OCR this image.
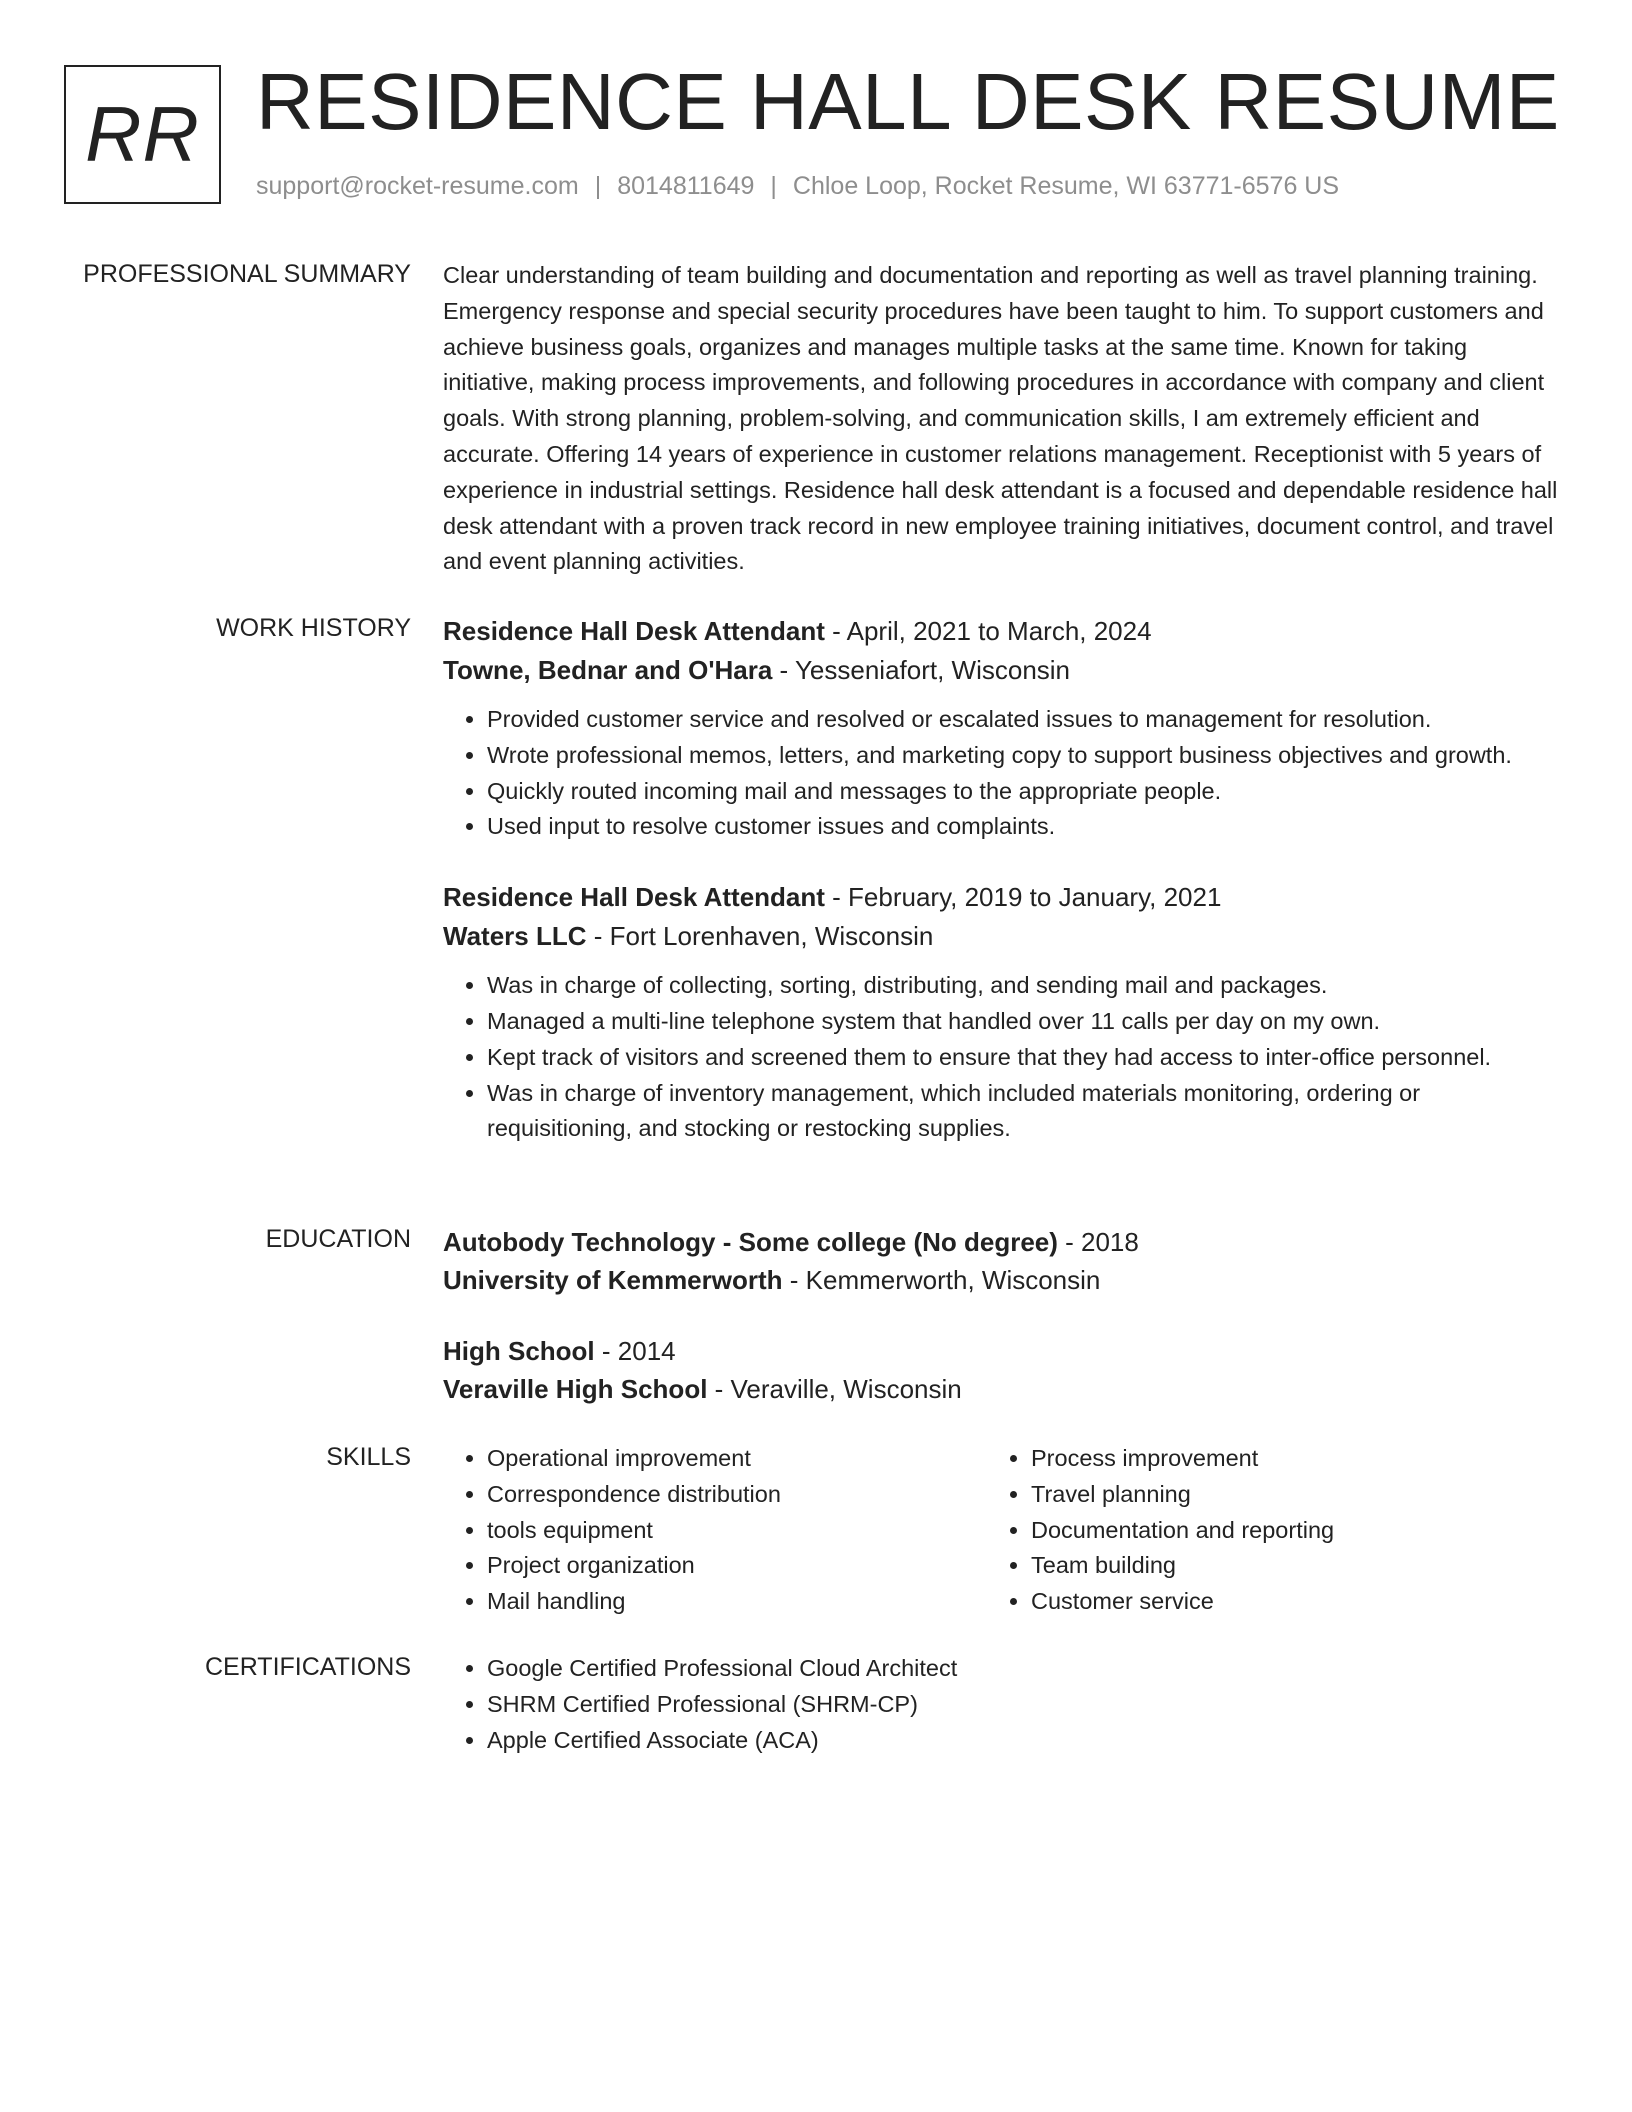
RR RESIDENCE HALL DESK RESUME
support@rocket-resume.com | 8014811649 | Chloe Loop, Rocket Resume, WI 63771-6576 US
PROFESSIONAL SUMMARY Clear understanding of team building and documentation and reporting as well as travel planning training. Emergency response and special security procedures have been taught to him. To support customers and achieve business goals, organizes and manages multiple tasks at the same time. Known for taking initiative, making process improvements, and following procedures in accordance with company and client goals. With strong planning, problem-solving, and communication skills, I am extremely efficient and accurate. Offering 14 years of experience in customer relations management. Receptionist with 5 years of experience in industrial settings. Residence hall desk attendant is a focused and dependable residence hall desk attendant with a proven track record in new employee training initiatives, document control, and travel and event planning activities.

WORK HISTORY Residence Hall Desk Attendant - April, 2021 to March, 2024
Towne, Bednar and O'Hara - Yesseniafort, Wisconsin
• Provided customer service and resolved or escalated issues to management for resolution.
• Wrote professional memos, letters, and marketing copy to support business objectives and growth.
• Quickly routed incoming mail and messages to the appropriate people.
• Used input to resolve customer issues and complaints.
Residence Hall Desk Attendant - February, 2019 to January, 2021
Waters LLC - Fort Lorenhaven, Wisconsin
• Was in charge of collecting, sorting, distributing, and sending mail and packages.
• Managed a multi-line telephone system that handled over 11 calls per day on my own.
• Kept track of visitors and screened them to ensure that they had access to inter-office personnel.
• Was in charge of inventory management, which included materials monitoring, ordering or requisitioning, and stocking or restocking supplies.
EDUCATION Autobody Technology - Some college (No degree) - 2018
University of Kemmerworth - Kemmerworth, Wisconsin
High School - 2014
Veraville High School - Veraville, Wisconsin
SKILLS	• Operational improvement
• Correspondence distribution
• tools equipment
• Project organization
• Mail handling
• Process improvement
• Travel planning
• Documentation and reporting
• Team building
• Customer service
CERTIFICATIONS	• Google Certified Professional Cloud Architect
• SHRM Certified Professional (SHRM-CP)
• Apple Certified Associate (ACA)
